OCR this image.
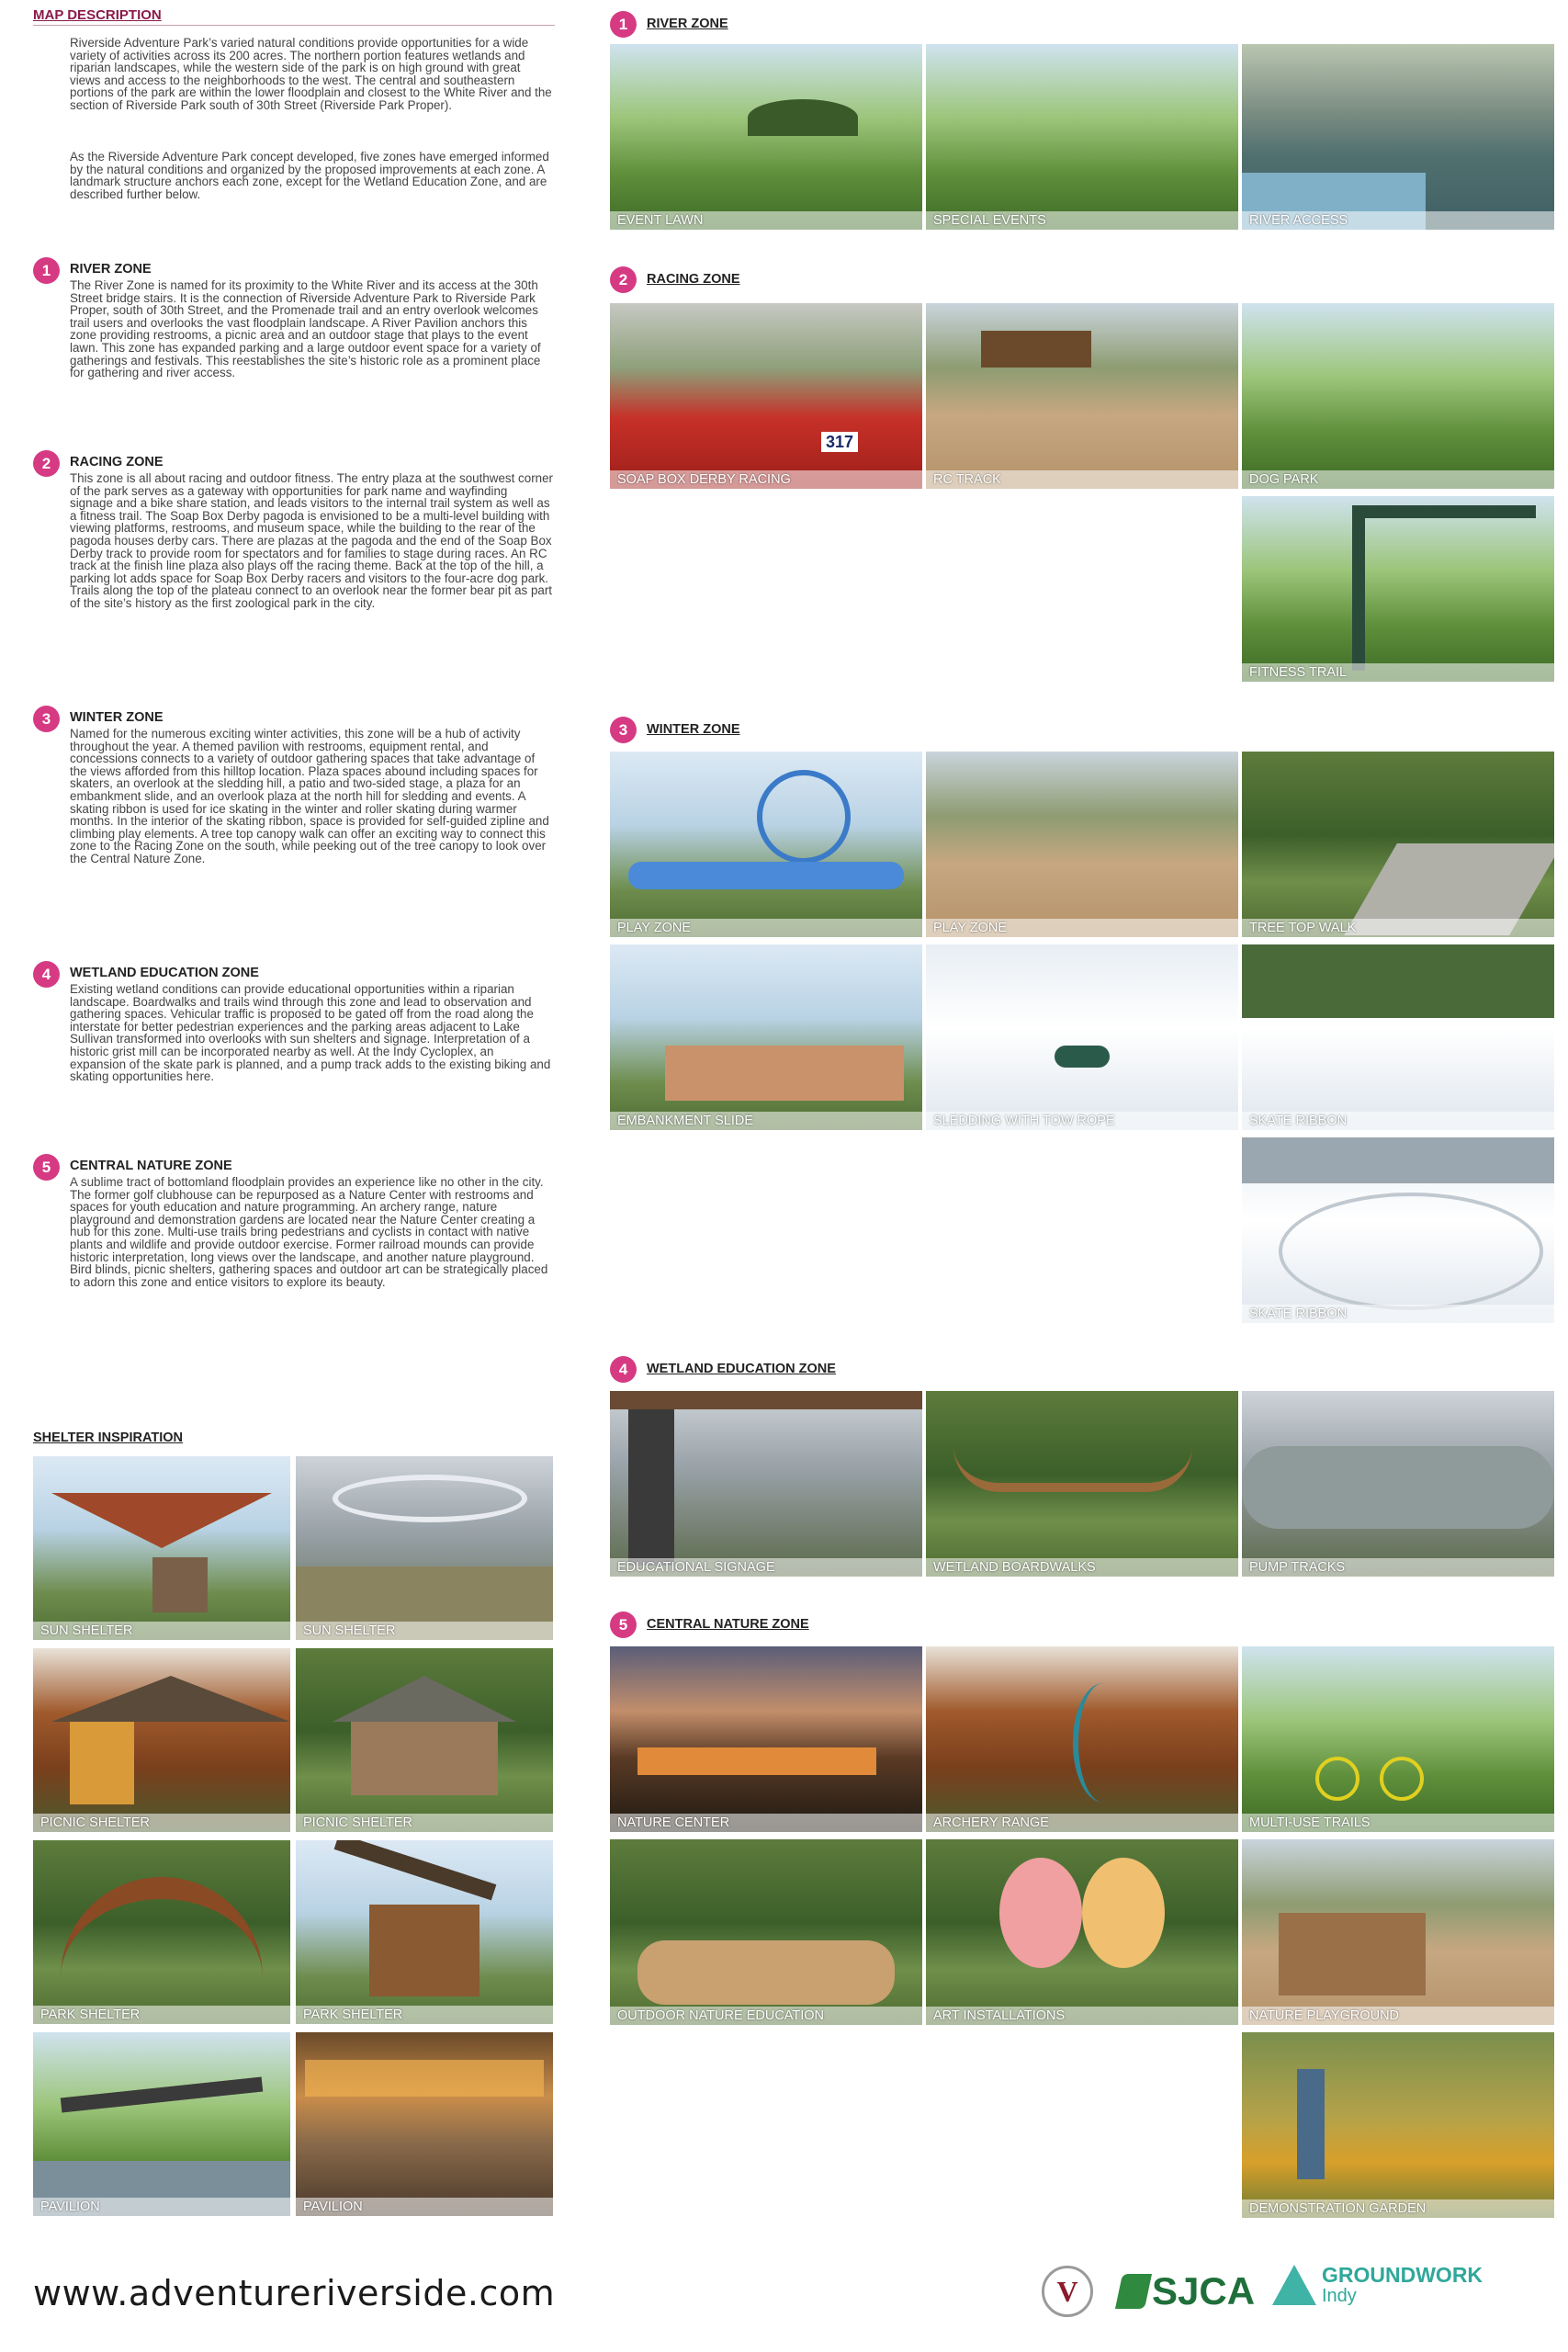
MAP DESCRIPTION
Riverside Adventure Park’s varied natural conditions provide opportunities for a wide variety of activities across its 200 acres. The northern portion features wetlands and riparian landscapes, while the western side of the park is on high ground with great views and access to the neighborhoods to the west. The central and southeastern portions of the park are within the lower floodplain and closest to the White River and the section of Riverside Park south of 30th Street (Riverside Park Proper).
As the Riverside Adventure Park concept developed, five zones have emerged informed by the natural conditions and organized by the proposed improvements at each zone. A landmark structure anchors each zone, except for the Wetland Education Zone, and are described further below.
1	RIVER ZONE
The River Zone is named for its proximity to the White River and its access at the 30th Street bridge stairs. It is the connection of Riverside Adventure Park to Riverside Park Proper, south of 30th Street, and the Promenade trail and an entry overlook welcomes trail users and overlooks the vast floodplain landscape. A River Pavilion anchors this zone providing restrooms, a picnic area and an outdoor stage that plays to the event lawn. This zone has expanded parking and a large outdoor event space for a variety of gatherings and festivals. This reestablishes the site’s historic role as a prominent place for gathering and river access.
2	RACING ZONE
This zone is all about racing and outdoor fitness. The entry plaza at the southwest corner of the park serves as a gateway with opportunities for park name and wayfinding signage and a bike share station, and leads visitors to the internal trail system as well as a fitness trail. The Soap Box Derby pagoda is envisioned to be a multi-level building with viewing platforms, restrooms, and museum space, while the building to the rear of the pagoda houses derby cars. There are plazas at the pagoda and the end of the Soap Box Derby track to provide room for spectators and for families to stage during races. An RC track at the finish line plaza also plays off the racing theme. Back at the top of the hill, a parking lot adds space for Soap Box Derby racers and visitors to the four-acre dog park. Trails along the top of the plateau connect to an overlook near the former bear pit as part of the site’s history as the first zoological park in the city.
3	WINTER ZONE
Named for the numerous exciting winter activities, this zone will be a hub of activity throughout the year. A themed pavilion with restrooms, equipment rental, and concessions connects to a variety of outdoor gathering spaces that take advantage of the views afforded from this hilltop location. Plaza spaces abound including spaces for skaters, an overlook at the sledding hill, a patio and two-sided stage, a plaza for an embankment slide, and an overlook plaza at the north hill for sledding and events. A skating ribbon is used for ice skating in the winter and roller skating during warmer months. In the interior of the skating ribbon, space is provided for self-guided zipline and climbing play elements. A tree top canopy walk can offer an exciting way to connect this zone to the Racing Zone on the south, while peeking out of the tree canopy to look over the Central Nature Zone.
4	WETLAND EDUCATION ZONE
Existing wetland conditions can provide educational opportunities within a riparian landscape. Boardwalks and trails wind through this zone and lead to observation and gathering spaces. Vehicular traffic is proposed to be gated off from the road along the interstate for better pedestrian experiences and the parking areas adjacent to Lake Sullivan transformed into overlooks with sun shelters and signage. Interpretation of a historic grist mill can be incorporated nearby as well. At the Indy Cycloplex, an expansion of the skate park is planned, and a pump track adds to the existing biking and skating opportunities here.
5	CENTRAL NATURE ZONE
A sublime tract of bottomland floodplain provides an experience like no other in the city. The former golf clubhouse can be repurposed as a Nature Center with restrooms and spaces for youth education and nature programming. An archery range, nature playground and demonstration gardens are located near the Nature Center creating a hub for this zone. Multi-use trails bring pedestrians and cyclists in contact with native plants and wildlife and provide outdoor exercise. Former railroad mounds can provide historic interpretation, long views over the landscape, and another nature playground. Bird blinds, picnic shelters, gathering spaces and outdoor art can be strategically placed to adorn this zone and entice visitors to explore its beauty.
SHELTER INSPIRATION
SUN SHELTER	SUN SHELTER
PICNIC SHELTER	PICNIC SHELTER
PARK SHELTER	PARK SHELTER
PAVILION	PAVILION
1	RIVER ZONE
EVENT LAWN	SPECIAL EVENTS	RIVER ACCESS
2	RACING ZONE
317
SOAP BOX DERBY RACING	RC TRACK	DOG PARK
FITNESS TRAIL
3	WINTER ZONE
PLAY ZONE	PLAY ZONE	TREE TOP WALK
EMBANKMENT SLIDE	SLEDDING WITH TOW ROPE	SKATE RIBBON
SKATE RIBBON
4	WETLAND EDUCATION ZONE
EDUCATIONAL SIGNAGE	WETLAND BOARDWALKS	PUMP TRACKS
5	CENTRAL NATURE ZONE
NATURE CENTER	ARCHERY RANGE	MULTI-USE TRAILS
OUTDOOR NATURE EDUCATION	ART INSTALLATIONS	NATURE PLAYGROUND
DEMONSTRATION GARDEN
www.adventureriverside.com	V SJCA	GROUNDWORK
Indy
